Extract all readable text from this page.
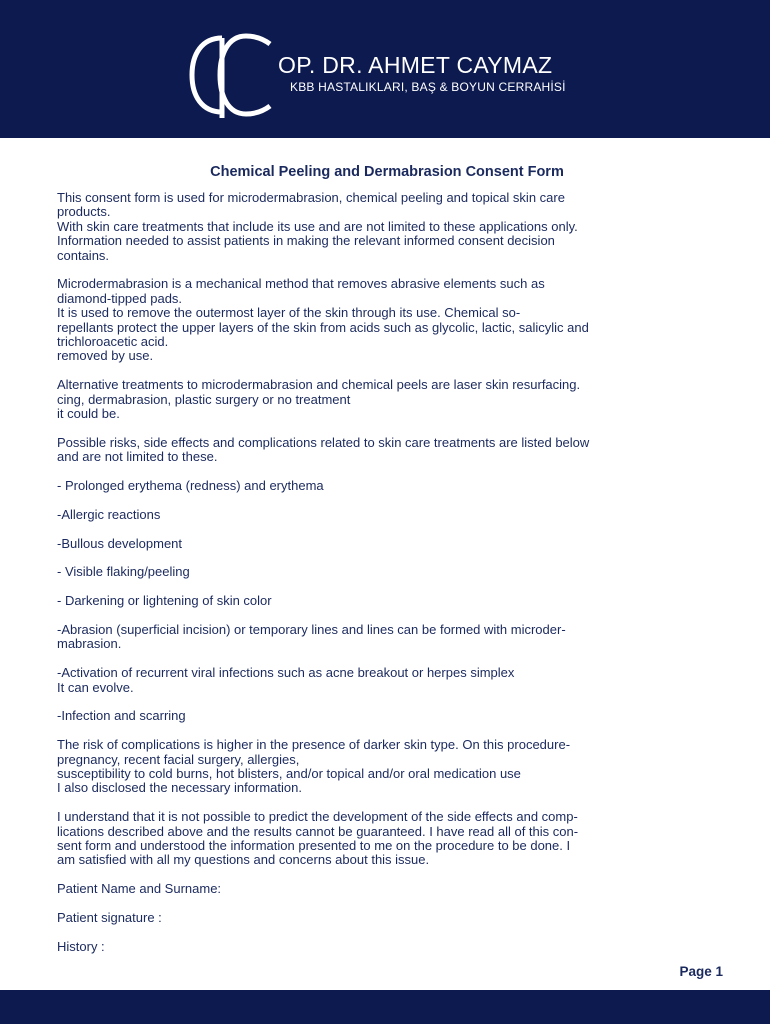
OP. DR. AHMET CAYMAZ
KBB HASTALIKLARI, BAŞ & BOYUN CERRAHİSİ
Chemical Peeling and Dermabrasion Consent Form
This consent form is used for microdermabrasion, chemical peeling and topical skin care
products.
With skin care treatments that include its use and are not limited to these applications only.
Information needed to assist patients in making the relevant informed consent decision
contains.
Microdermabrasion is a mechanical method that removes abrasive elements such as
diamond-tipped pads.
It is used to remove the outermost layer of the skin through its use. Chemical so-
repellants protect the upper layers of the skin from acids such as glycolic, lactic, salicylic and
trichloroacetic acid.
removed by use.
Alternative treatments to microdermabrasion and chemical peels are laser skin resurfacing.
cing, dermabrasion, plastic surgery or no treatment
it could be.
Possible risks, side effects and complications related to skin care treatments are listed below
and are not limited to these.
- Prolonged erythema (redness) and erythema
-Allergic reactions
-Bullous development
- Visible flaking/peeling
- Darkening or lightening of skin color
-Abrasion (superficial incision) or temporary lines and lines can be formed with microder-
mabrasion.
-Activation of recurrent viral infections such as acne breakout or herpes simplex
It can evolve.
-Infection and scarring
The risk of complications is higher in the presence of darker skin type. On this procedure-
pregnancy, recent facial surgery, allergies,
susceptibility to cold burns, hot blisters, and/or topical and/or oral medication use
I also disclosed the necessary information.
I understand that it is not possible to predict the development of the side effects and comp-
lications described above and the results cannot be guaranteed. I have read all of this con-
sent form and understood the information presented to me on the procedure to be done. I
am satisfied with all my questions and concerns about this issue.
Patient Name and Surname:
Patient signature :
History :
Page 1
